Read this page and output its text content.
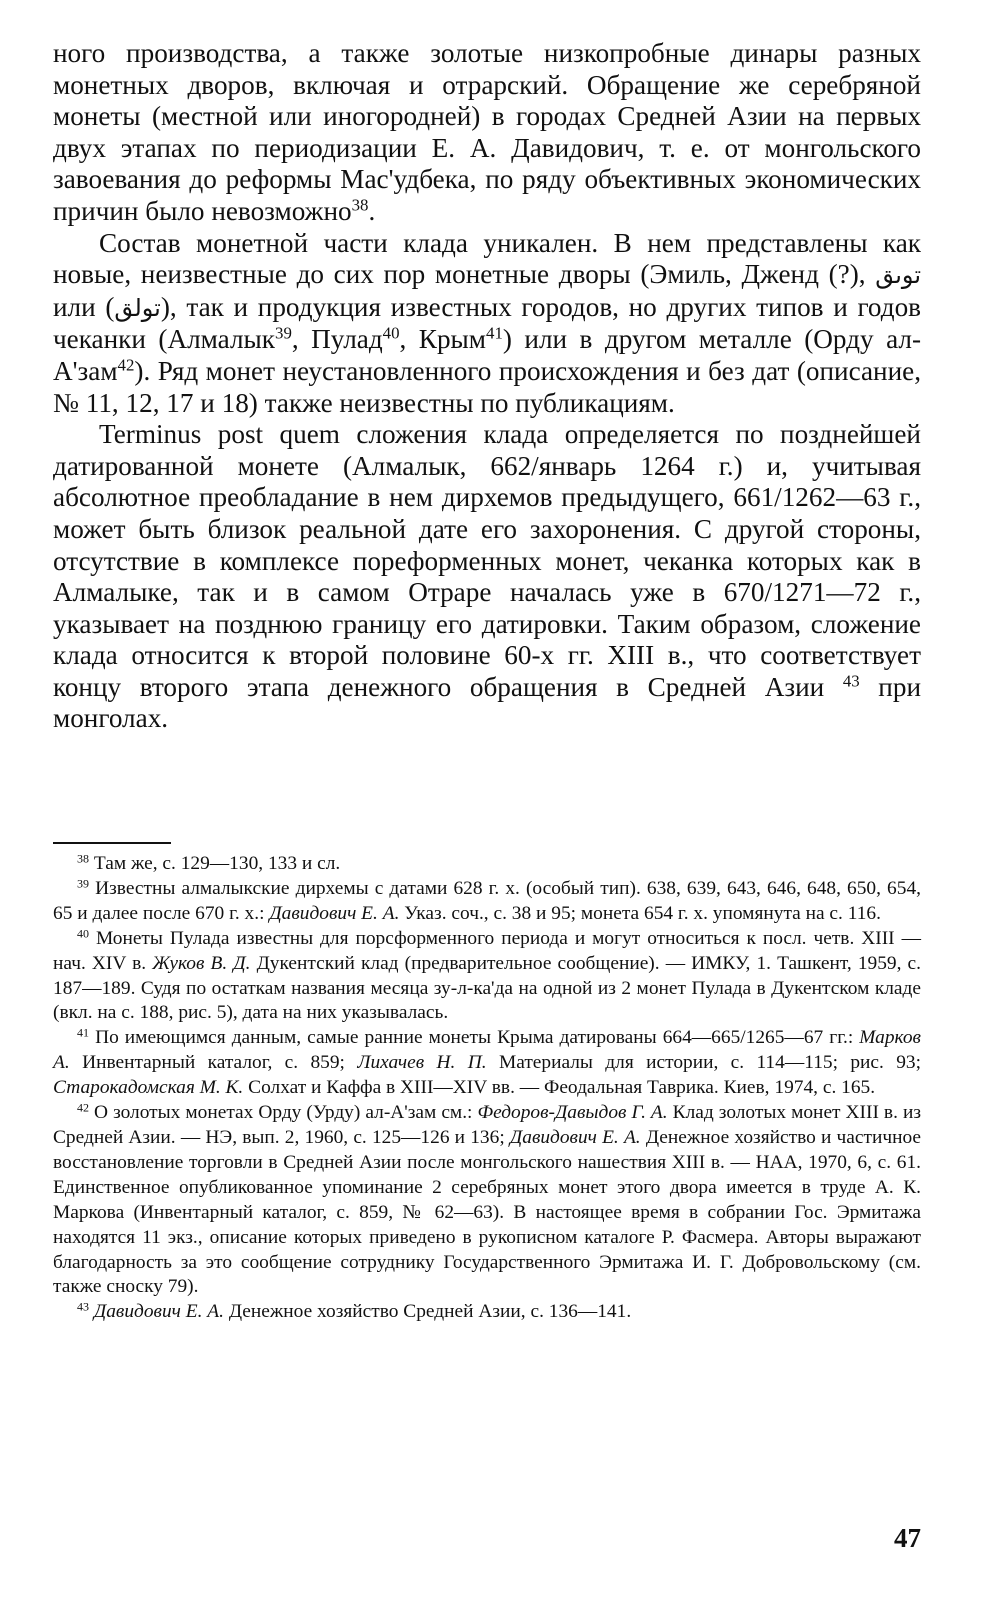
ного производства, а также золотые низкопробные динары разных монетных дворов, включая и отрарский. Обращение же серебряной монеты (местной или иногородней) в городах Средней Азии на первых двух этапах по периодизации Е. А. Давидович, т. е. от монгольского завоевания до реформы Мас'удбека, по ряду объективных экономических причин было невозможно$^{38}$.

Состав монетной части клада уникален. В нем представлены как новые, неизвестные до сих пор монетные дворы (Эмиль, Дженд (?), توىق или (تولق), так и продукция известных городов, но других типов и годов чеканки (Алмалык$^{39}$, Пулад$^{40}$, Крым$^{41}$) или в другом металле (Орду ал-А'зам$^{42}$). Ряд монет неустановленного происхождения и без дат (описание, № 11, 12, 17 и 18) также неизвестны по публикациям.

Terminus post quem сложения клада определяется по позднейшей датированной монете (Алмалык, 662/январь 1264 г.) и, учитывая абсолютное преобладание в нем дирхемов предыдущего, 661/1262—63 г., может быть близок реальной дате его захоронения. С другой стороны, отсутствие в комплексе пореформенных монет, чеканка которых как в Алмалыке, так и в самом Отраре началась уже в 670/1271—72 г., указывает на позднюю границу его датировки. Таким образом, сложение клада относится к второй половине 60-х гг. XIII в., что соответствует концу второго этапа денежного обращения в Средней Азии $^{43}$ при монголах.

$^{38}$ Там же, с. 129—130, 133 и сл.

$^{39}$ Известны алмалыкские дирхемы с датами 628 г. х. (особый тип). 638, 639, 643, 646, 648, 650, 654, 65 и далее после 670 г. х.: Давидович Е. А. Указ. соч., с. 38 и 95; монета 654 г. х. упомянута на с. 116.

$^{40}$ Монеты Пулада известны для порсформенного периода и могут относиться к посл. четв. XIII — нач. XIV в. Жуков В. Д. Дукентский клад (предварительное сообщение). — ИМКУ, 1. Ташкент, 1959, с. 187—189. Судя по остаткам названия месяца зу-л-ка'да на одной из 2 монет Пулада в Дукентском кладе (вкл. на с. 188, рис. 5), дата на них указывалась.

$^{41}$ По имеющимся данным, самые ранние монеты Крыма датированы 664—665/1265—67 гг.: Марков А. Инвентарный каталог, с. 859; Лихачев Н. П. Материалы для истории, с. 114—115; рис. 93; Старокадомская М. К. Солхат и Каффа в XIII—XIV вв. — Феодальная Таврика. Киев, 1974, с. 165.

$^{42}$ О золотых монетах Орду (Урду) ал-А'зам см.: Федоров-Давыдов Г. А. Клад золотых монет XIII в. из Средней Азии. — НЭ, вып. 2, 1960, с. 125—126 и 136; Давидович Е. А. Денежное хозяйство и частичное восстановление торговли в Средней Азии после монгольского нашествия XIII в. — НАА, 1970, 6, с. 61. Единственное опубликованное упоминание 2 серебряных монет этого двора имеется в труде А. К. Маркова (Инвентарный каталог, с. 859, № 62—63). В настоящее время в собрании Гос. Эрмитажа находятся 11 экз., описание которых приведено в рукописном каталоге Р. Фасмера. Авторы выражают благодарность за это сообщение сотруднику Государственного Эрмитажа И. Г. Добровольскому (см. также сноску 79).

$^{43}$ Давидович Е. А. Денежное хозяйство Средней Азии, с. 136—141.

47
